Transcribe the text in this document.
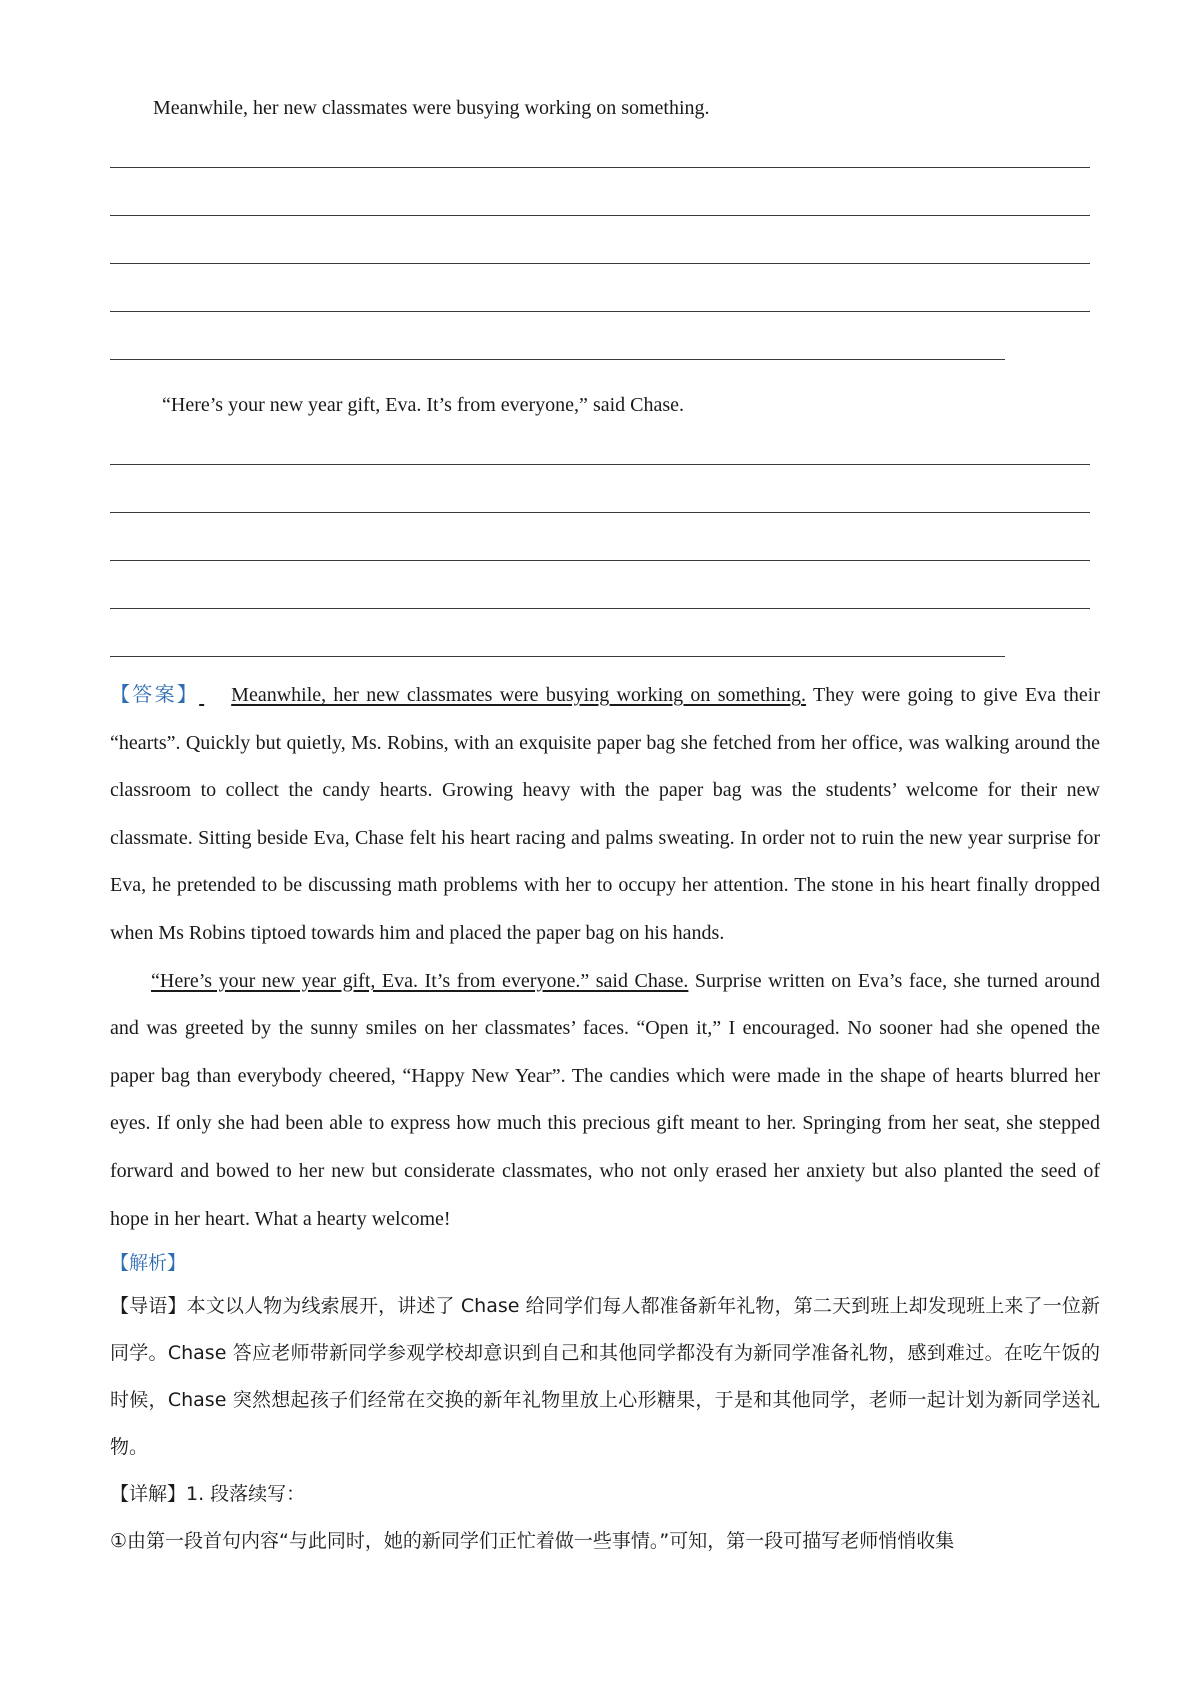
Meanwhile, her new classmates were busying working on something.

“Here’s your new year gift, Eva. It’s from everyone,” said Chase.

【答案】 Meanwhile, her new classmates were busying working on something. They were going to give Eva their “hearts”. Quickly but quietly, Ms. Robins, with an exquisite paper bag she fetched from her office, was walking around the classroom to collect the candy hearts. Growing heavy with the paper bag was the students’ welcome for their new classmate. Sitting beside Eva, Chase felt his heart racing and palms sweating. In order not to ruin the new year surprise for Eva, he pretended to be discussing math problems with her to occupy her attention. The stone in his heart finally dropped when Ms Robins tiptoed towards him and placed the paper bag on his hands.

“Here’s your new year gift, Eva. It’s from everyone.” said Chase. Surprise written on Eva’s face, she turned around and was greeted by the sunny smiles on her classmates’ faces. “Open it,” I encouraged. No sooner had she opened the paper bag than everybody cheered, “Happy New Year”. The candies which were made in the shape of hearts blurred her eyes. If only she had been able to express how much this precious gift meant to her. Springing from her seat, she stepped forward and bowed to her new but considerate classmates, who not only erased her anxiety but also planted the seed of hope in her heart. What a hearty welcome!

【解析】

【导语】本文以人物为线索展开，讲述了 Chase 给同学们每人都准备新年礼物，第二天到班上却发现班上来了一位新同学。Chase 答应老师带新同学参观学校却意识到自己和其他同学都没有为新同学准备礼物，感到难过。在吃午饭的时候，Chase 突然想起孩子们经常在交换的新年礼物里放上心形糖果，于是和其他同学，老师一起计划为新同学送礼物。

【详解】1. 段落续写：

①由第一段首句内容“与此同时，她的新同学们正忙着做一些事情。”可知，第一段可描写老师悄悄收集
